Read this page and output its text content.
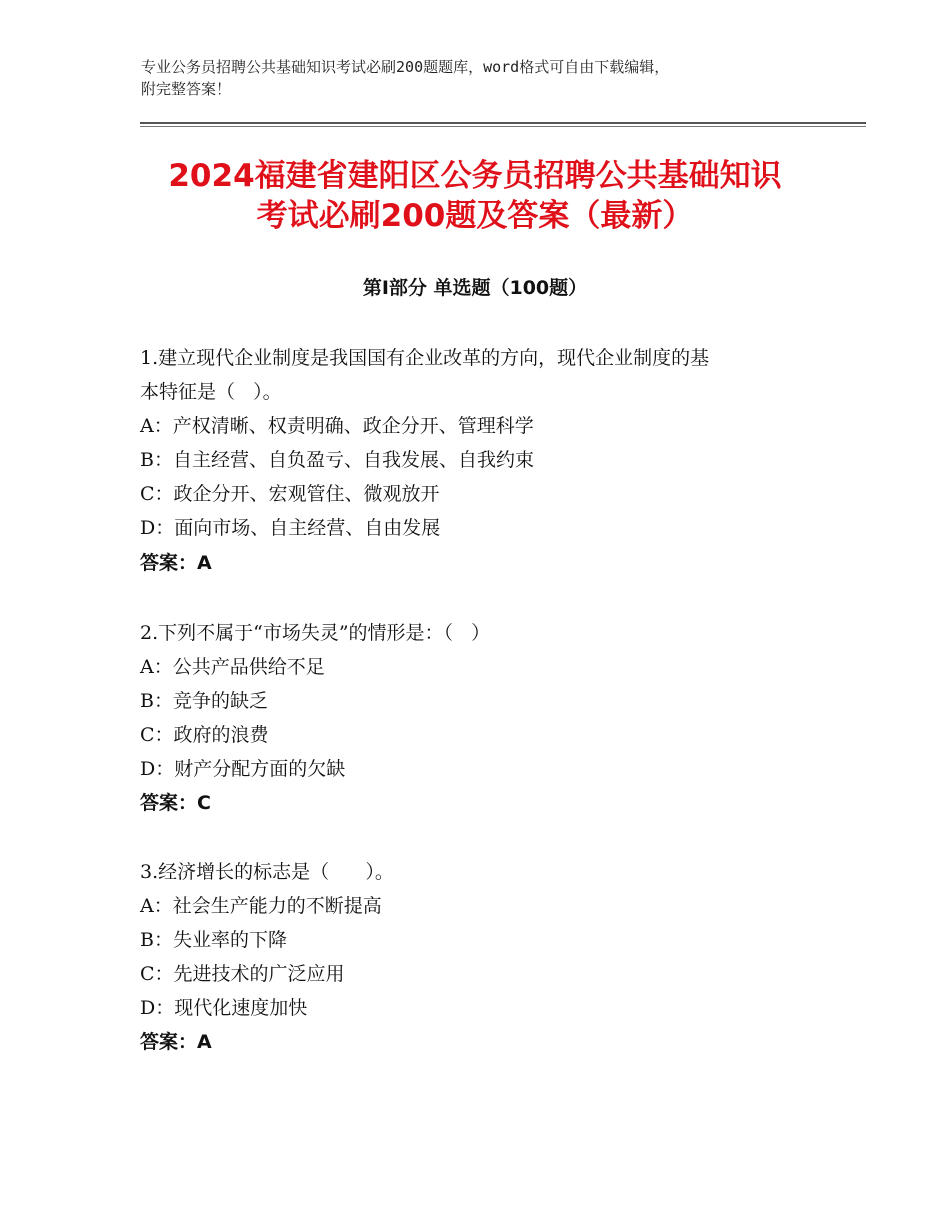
专业公务员招聘公共基础知识考试必刷200题题库，word格式可自由下载编辑，
附完整答案！
2024福建省建阳区公务员招聘公共基础知识
考试必刷200题及答案（最新）
第Ⅰ部分 单选题（100题）
1.建立现代企业制度是我国国有企业改革的方向，现代企业制度的基
本特征是（   ）。
A：产权清晰、权责明确、政企分开、管理科学
B：自主经营、自负盈亏、自我发展、自我约束
C：政企分开、宏观管住、微观放开
D：面向市场、自主经营、自由发展
答案：A
2.下列不属于“市场失灵”的情形是：（   ）
A：公共产品供给不足
B：竞争的缺乏
C：政府的浪费
D：财产分配方面的欠缺
答案：C
3.经济增长的标志是（      ）。
A：社会生产能力的不断提高
B：失业率的下降
C：先进技术的广泛应用
D：现代化速度加快
答案：A
